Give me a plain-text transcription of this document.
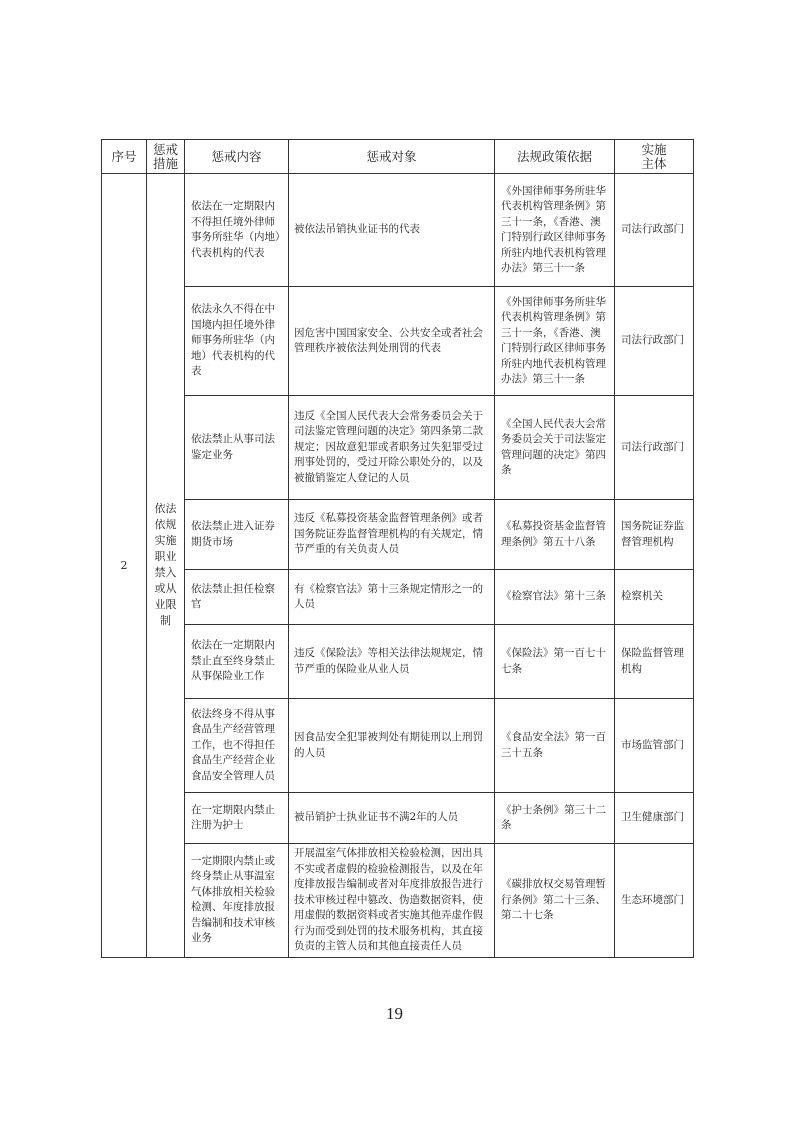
序号	惩戒措施	惩戒内容	惩戒对象	法规政策依据	实施主体

2	依法依规实施职业禁入或从业限制	依法在一定期限内不得担任境外律师事务所驻华（内地）代表机构的代表	被依法吊销执业证书的代表	《外国律师事务所驻华代表机构管理条例》第三十一条，《香港、澳门特别行政区律师事务所驻内地代表机构管理办法》第三十一条	司法行政部门
		依法永久不得在中国境内担任境外律师事务所驻华（内地）代表机构的代表	因危害中国国家安全、公共安全或者社会管理秩序被依法判处刑罚的代表	《外国律师事务所驻华代表机构管理条例》第三十一条，《香港、澳门特别行政区律师事务所驻内地代表机构管理办法》第三十一条	司法行政部门
		依法禁止从事司法鉴定业务	违反《全国人民代表大会常务委员会关于司法鉴定管理问题的决定》第四条第二款规定；因故意犯罪或者职务过失犯罪受过刑事处罚的，受过开除公职处分的，以及被撤销鉴定人登记的人员	《全国人民代表大会常务委员会关于司法鉴定管理问题的决定》第四条	司法行政部门
		依法禁止进入证券期货市场	违反《私募投资基金监督管理条例》或者国务院证券监督管理机构的有关规定，情节严重的有关负责人员	《私募投资基金监督管理条例》第五十八条	国务院证券监督管理机构
		依法禁止担任检察官	有《检察官法》第十三条规定情形之一的人员	《检察官法》第十三条	检察机关
		依法在一定期限内禁止直至终身禁止从事保险业工作	违反《保险法》等相关法律法规规定，情节严重的保险业从业人员	《保险法》第一百七十七条	保险监督管理机构
		依法终身不得从事食品生产经营管理工作，也不得担任食品生产经营企业食品安全管理人员	因食品安全犯罪被判处有期徒刑以上刑罚的人员	《食品安全法》第一百三十五条	市场监管部门
		在一定期限内禁止注册为护士	被吊销护士执业证书不满2年的人员	《护士条例》第三十二条	卫生健康部门
		一定期限内禁止或终身禁止从事温室气体排放相关检验检测、年度排放报告编制和技术审核业务	开展温室气体排放相关检验检测，因出具不实或者虚假的检验检测报告，以及在年度排放报告编制或者对年度排放报告进行技术审核过程中篡改、伪造数据资料，使用虚假的数据资料或者实施其他弄虚作假行为而受到处罚的技术服务机构，其直接负责的主管人员和其他直接责任人员	《碳排放权交易管理暂行条例》第二十三条、第二十七条	生态环境部门
19
